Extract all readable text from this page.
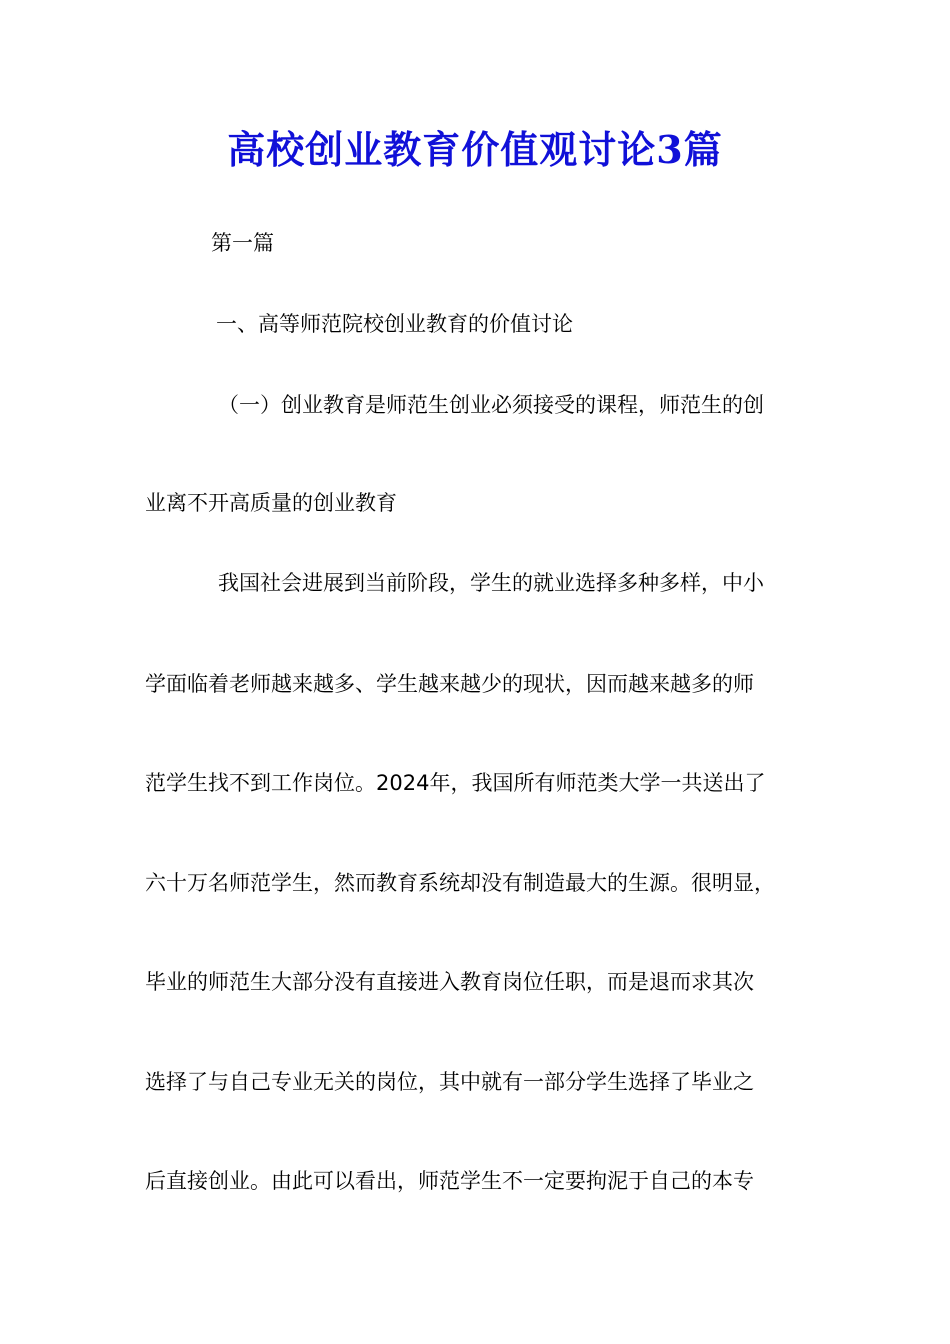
高校创业教育价值观讨论3篇
第一篇
一、高等师范院校创业教育的价值讨论
（一）创业教育是师范生创业必须接受的课程，师范生的创
业离不开高质量的创业教育
我国社会进展到当前阶段，学生的就业选择多种多样，中小
学面临着老师越来越多、学生越来越少的现状，因而越来越多的师
范学生找不到工作岗位。2024年，我国所有师范类大学一共送出了
六十万名师范学生，然而教育系统却没有制造最大的生源。很明显，
毕业的师范生大部分没有直接进入教育岗位任职，而是退而求其次
选择了与自己专业无关的岗位，其中就有一部分学生选择了毕业之
后直接创业。由此可以看出，师范学生不一定要拘泥于自己的本专
